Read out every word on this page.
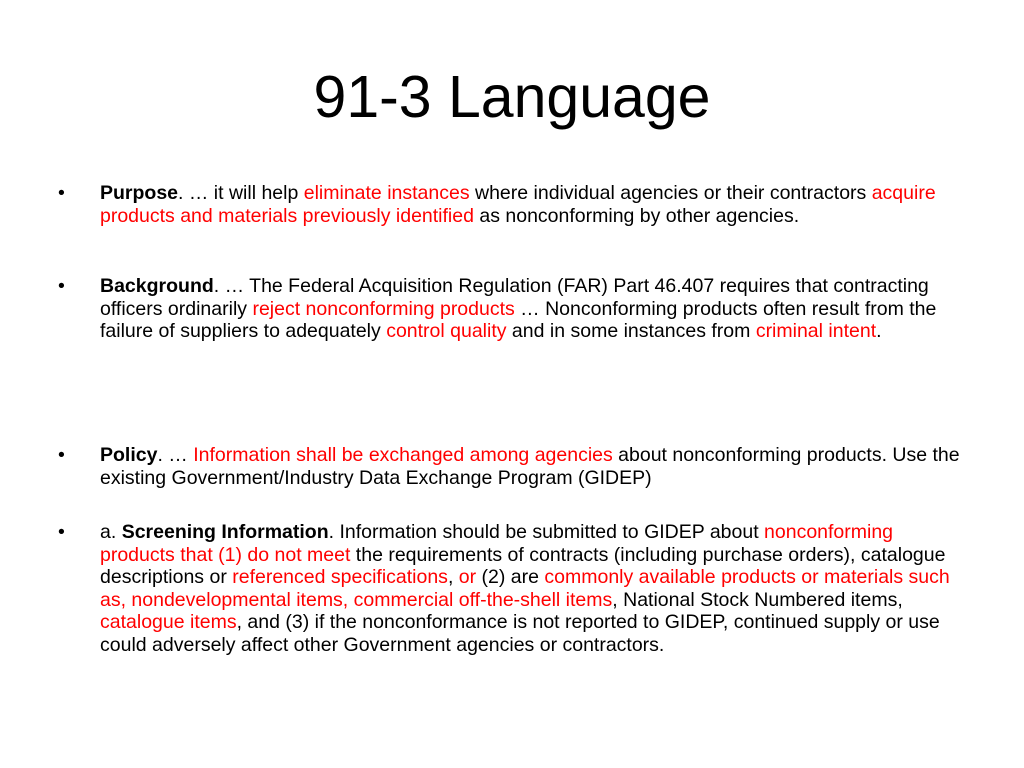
91-3 Language
•	Purpose. … it will help eliminate instances where individual agencies or their contractors acquire products and materials previously identified as nonconforming by other agencies.
•	Background. … The Federal Acquisition Regulation (FAR) Part 46.407 requires that contracting officers ordinarily reject nonconforming products … Nonconforming products often result from the failure of suppliers to adequately control quality and in some instances from criminal intent.
•	Policy. … Information shall be exchanged among agencies about nonconforming products. Use the existing Government/Industry Data Exchange Program (GIDEP)
•	a. Screening Information. Information should be submitted to GIDEP about nonconforming products that (1) do not meet the requirements of contracts (including purchase orders), catalogue descriptions or referenced specifications, or (2) are commonly available products or materials such as, nondevelopmental items, commercial off-the-shell items, National Stock Numbered items, catalogue items, and (3) if the nonconformance is not reported to GIDEP, continued supply or use could adversely affect other Government agencies or contractors.
